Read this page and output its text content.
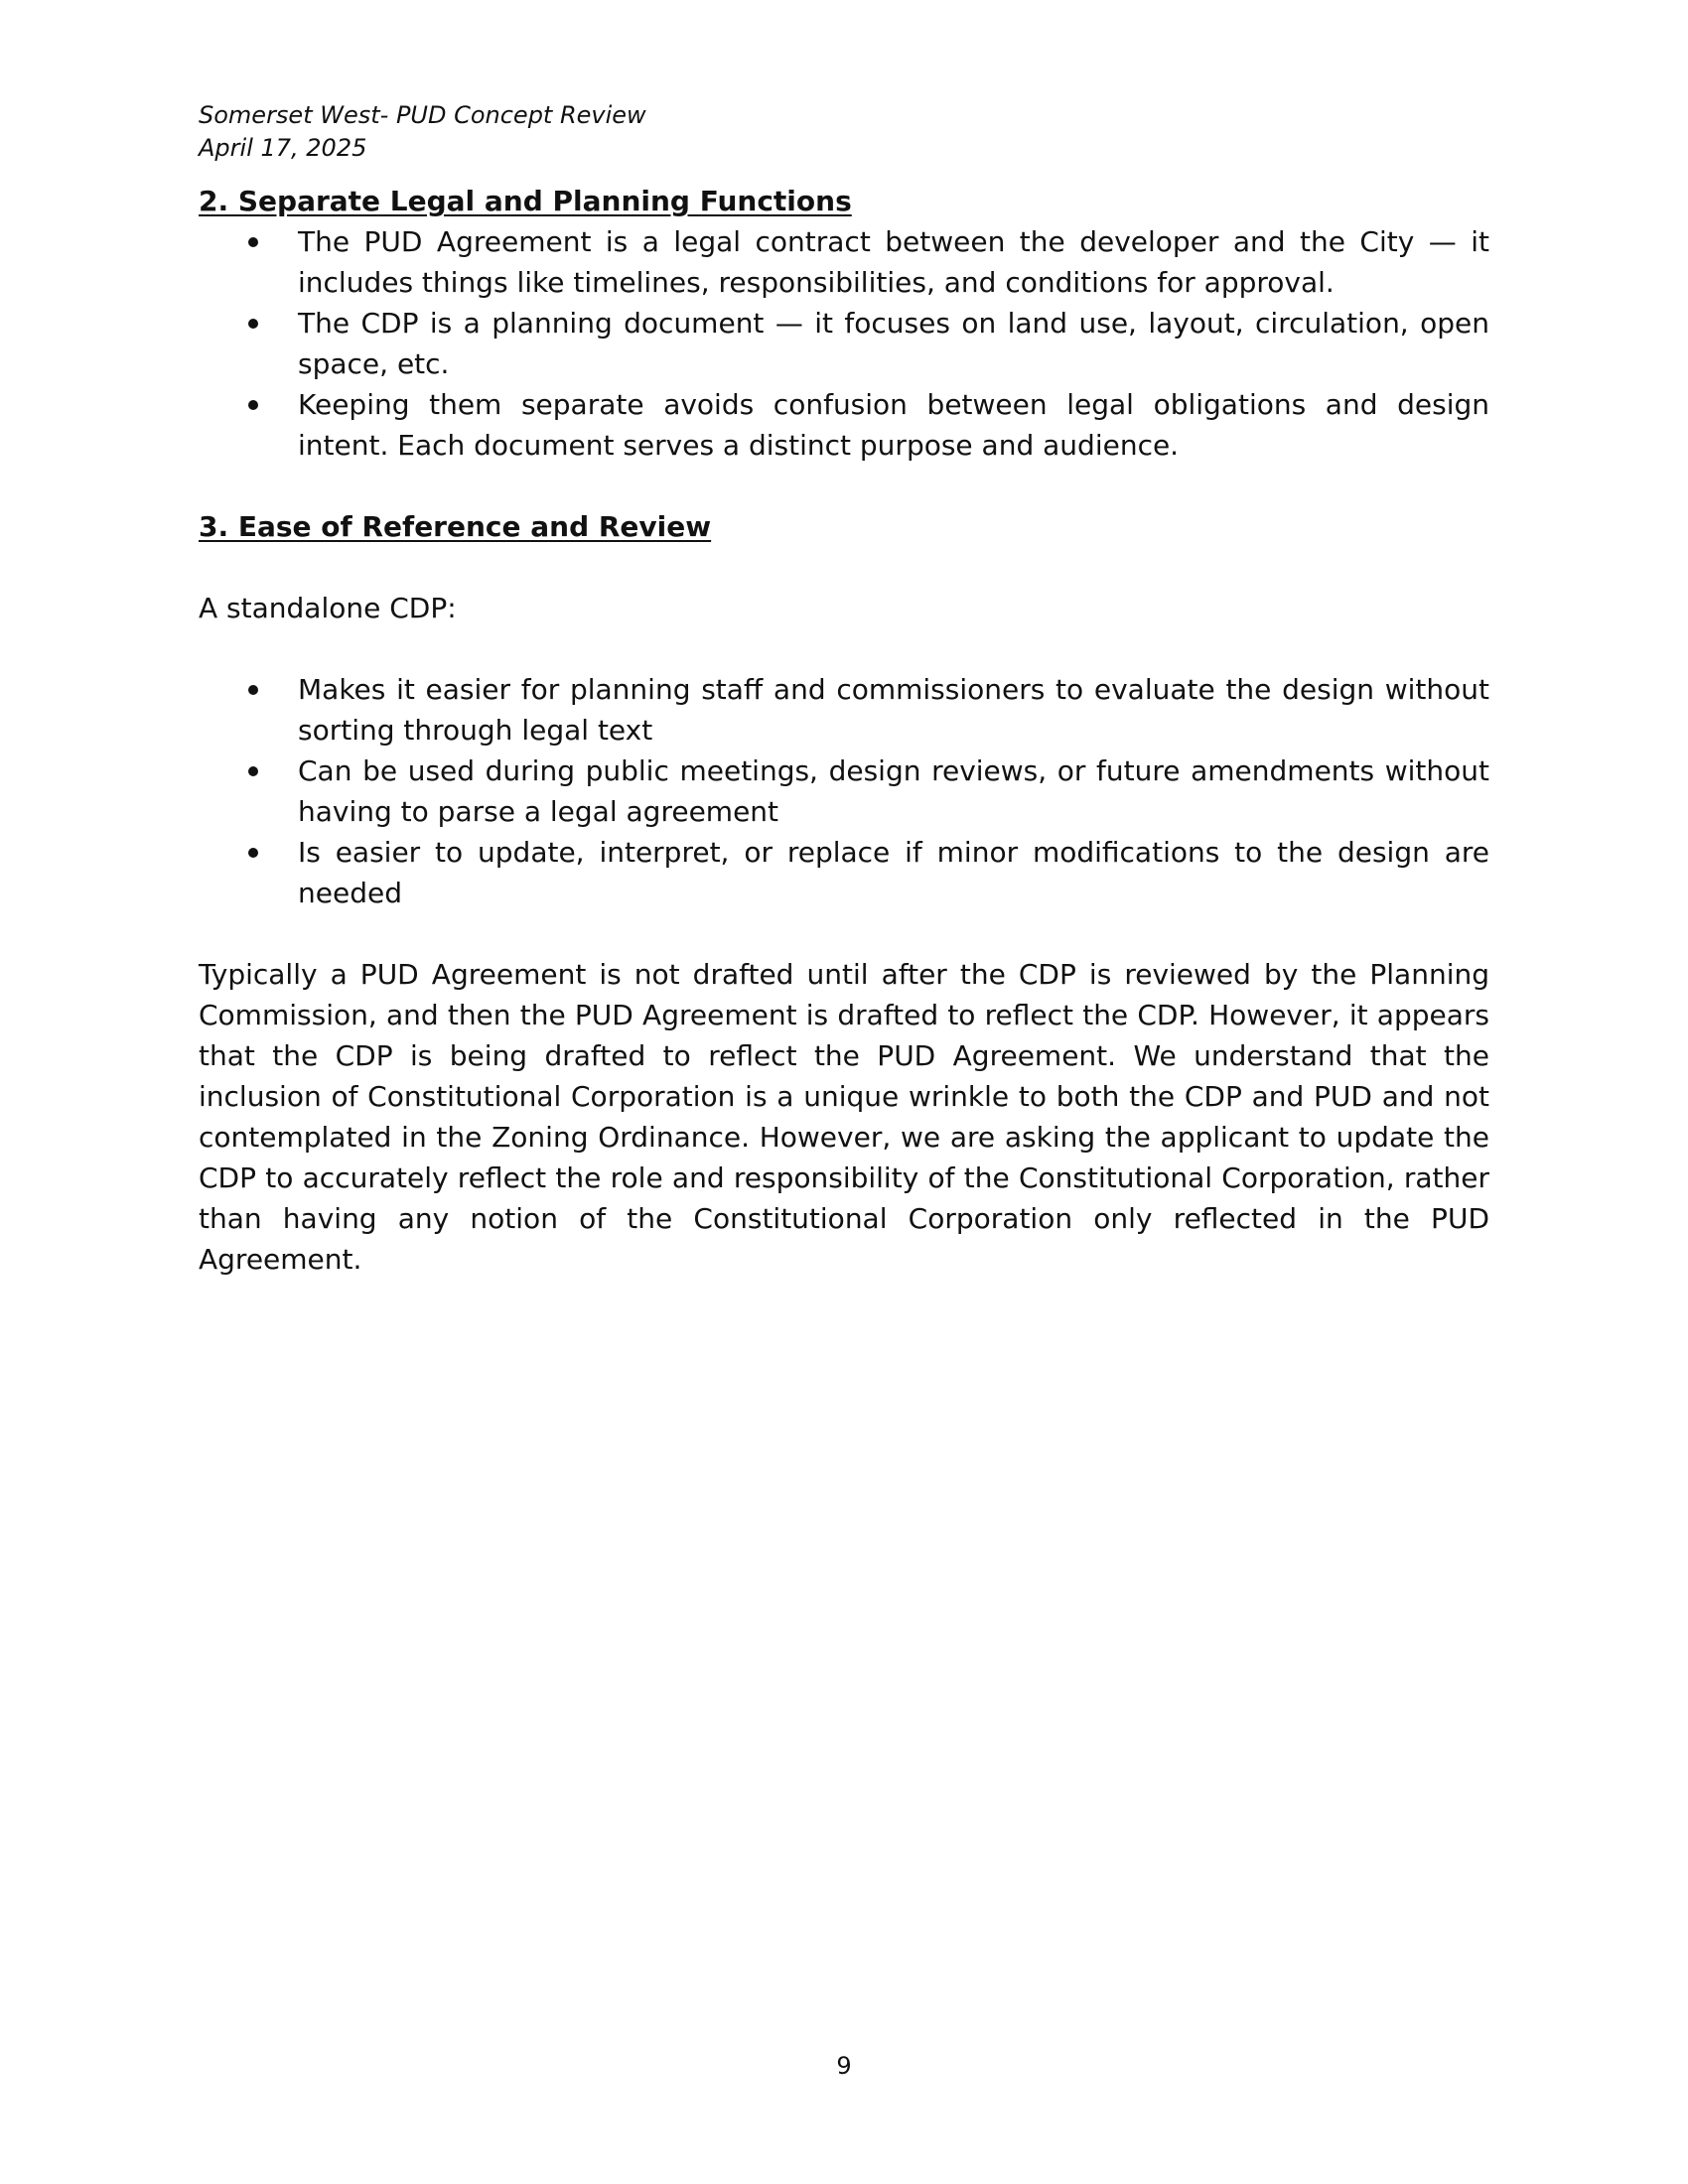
Somerset West- PUD Concept Review

April 17, 2025

2. Separate Legal and Planning Functions
The PUD Agreement is a legal contract between the developer and the City — it includes things like timelines, responsibilities, and conditions for approval.
The CDP is a planning document — it focuses on land use, layout, circulation, open space, etc.
Keeping them separate avoids confusion between legal obligations and design intent. Each document serves a distinct purpose and audience.
3. Ease of Reference and Review

A standalone CDP:

Makes it easier for planning staff and commissioners to evaluate the design without sorting through legal text
Can be used during public meetings, design reviews, or future amendments without having to parse a legal agreement
Is easier to update, interpret, or replace if minor modifications to the design are needed

Typically a PUD Agreement is not drafted until after the CDP is reviewed by the Planning Commission, and then the PUD Agreement is drafted to reflect the CDP. However, it appears that the CDP is being drafted to reflect the PUD Agreement. We understand that the inclusion of Constitutional Corporation is a unique wrinkle to both the CDP and PUD and not contemplated in the Zoning Ordinance. However, we are asking the applicant to update the CDP to accurately reflect the role and responsibility of the Constitutional Corporation, rather than having any notion of the Constitutional Corporation only reflected in the PUD Agreement.

9
